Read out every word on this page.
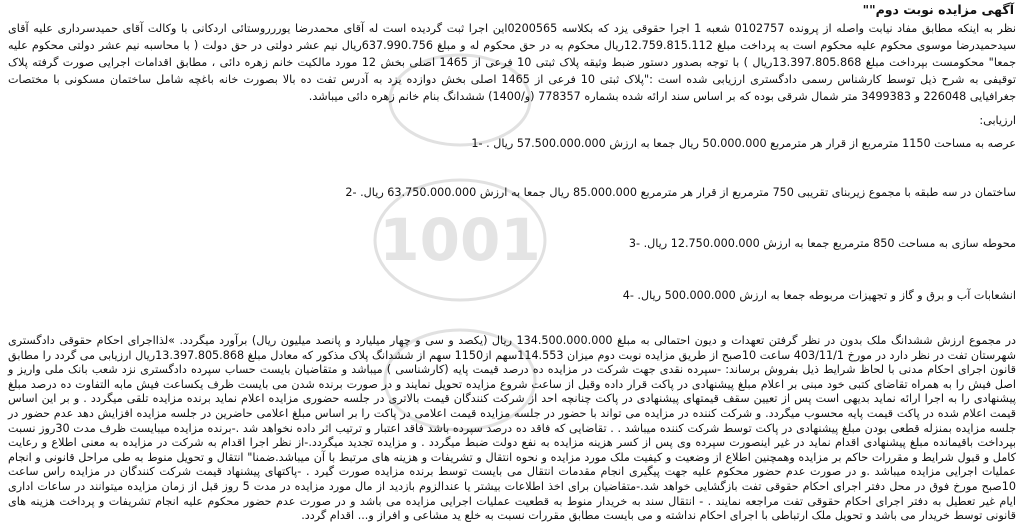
1001
آگهی مزایده نوبت دوم""

نظر به اینکه مطابق مفاد نیابت واصله از پرونده 0102757 شعبه 1 اجرا حقوقی یزد که بکلاسه 0200565این اجرا ثبت گردیده است له آقای محمدرضا یوررروستائی اردکانی با وکالت آقای حمیدسرداری علیه آقای سیدحمیدرضا موسوی محکوم علیه محکوم است به پرداخت مبلغ 12.759.815.112ریال محکوم به در حق محکوم له و مبلغ 637.990.756ریال نیم عشر دولتی در حق دولت ( با محاسبه نیم عشر دولتی محکوم علیه جمعا" محکومست بپرداخت مبلغ 13.397.805.868ریال ) با توجه بصدور دستور ضبط وثیقه پلاک ثبتی 10 فرعی از 1465 اصلی بخش 12 مورد مالکیت خانم زهره دائی ، مطابق اقدامات اجرایی صورت گرفته پلاک توقیفی به شرح ذیل توسط کارشناس رسمی دادگستری ارزیابی شده است :"پلاک ثبتی 10 فرعی از 1465 اصلی بخش دوازده یزد به آدرس تفت ده بالا بصورت خانه باغچه شامل ساختمان مسکونی با مختصات جغرافیایی 226048 و 3499383 متر شمال شرقی بوده که بر اساس سند ارائه شده بشماره 778357 (و/1400) ششدانگ بنام خانم زهره دائی میباشد.

ارزیابی:

عرصه به مساحت 1150 مترمربع از قرار هر مترمربع 50.000.000 ریال جمعا به ارزش 57.500.000.000 ریال . -1

ساختمان در سه طبقه با مجموع زیربنای تقریبی 750 مترمربع از قرار هر مترمربع 85.000.000 ریال جمعا به ارزش 63.750.000.000 ریال. -2

محوطه سازی به مساحت 850 مترمربع جمعا به ارزش 12.750.000.000 ریال. -3

انشعابات آب و برق و گاز و تجهیزات مربوطه جمعا به ارزش 500.000.000 ریال. -4

در مجموع ارزش ششدانگ ملک بدون در نظر گرفتن تعهدات و دیون احتمالی به مبلغ 134.500.000.000 ریال (یکصد و سی و چهار میلیارد و پانصد میلیون ریال) برآورد میگردد. »لذااجرای احکام حقوقی دادگستری شهرستان تفت در نظر دارد در مورخ 403/11/1 ساعت 10صبح از طریق مزایده نوبت دوم میزان 114.553سهم از1150 سهم از ششدانگ پلاک مذکور که معادل مبلغ 13.397.805.868ریال ارزیابی می گردد را مطابق قانون اجرای احکام مدنی با لحاظ شرایط ذیل بفروش برساند: -سپرده نقدی جهت شرکت در مزایده ده درصد قیمت پایه (کارشناسی ) میباشد و متقاضیان بایست حساب سپرده دادگستری نزد شعب بانک ملی واریز و اصل فیش را به همراه تقاضای کتبی خود مبنی بر اعلام مبلغ پیشنهادی در پاکت قرار داده وقبل از ساعت شروع مزایده تحویل نمایند و در صورت برنده شدن می بایست ظرف یکساعت فیش مابه التفاوت ده درصد مبلغ پیشنهادی را به اجرا ارائه نماید بدیهی است پس از تعیین سقف قیمتهای پیشنهادی در پاکت چنانچه احد از شرکت کنندگان قیمت بالاتری در جلسه حضوری مزایده اعلام نماید برنده مزایده تلقی میگردد . و بر این اساس قیمت اعلام شده در پاکت قیمت پایه محسوب میگردد. و شرکت کننده در مزایده می تواند با حضور در جلسه مزایده قیمت اعلامی در پاکت را بر اساس مبلغ اعلامی حاضرین در جلسه مزایده افزایش دهد عدم حضور در جلسه مزایده بمنزله قطعی بودن مبلغ پیشنهادی در پاکت توسط شرکت کننده میباشد . . تقاضایی که فاقد ده درصد سپرده باشد فاقد اعتبار و ترتیب اثر داده نخواهد شد .-برنده مزایده میبایست ظرف مدت 30روز نسبت بپرداخت باقیمانده مبلغ پیشنهادی اقدام نماید در غیر اینصورت سپرده وی پس از کسر هزینه مزایده به نفع دولت ضبط میگردد . و مزایده تجدید میگردد.-از نظر اجرا اقدام به شرکت در مزایده به معنی اطلاع و رعایت کامل و قبول شرایط و مقررات حاکم بر مزایده وهمچنین اطلاع از وضعیت و کیفیت ملک مورد مزایده و نحوه انتقال و تشریفات و هزینه های مرتبط با آن میباشد.ضمنا" انتقال و تحویل منوط به طی مراحل قانونی و انجام عملیات اجرایی مزایده میباشد .و در صورت عدم حضور محکوم علیه جهت پیگیری انجام مقدمات انتقال می بایست توسط برنده مزایده صورت گیرد . -پاکتهای پیشنهاد قیمت شرکت کنندگان در مزایده راس ساعت 10صبح مورخ فوق در محل دفتر اجرای احکام حقوقی تفت بازگشایی خواهد شد.-متقاضیان برای اخذ اطلاعات بیشتر یا عندالزوم بازدید از مال مورد مزایده در مدت 5 روز قبل از زمان مزایده میتوانند در ساعات اداری ایام غیر تعطیل به دفتر اجرای احکام حقوقی تفت مراجعه نمایند . - انتقال سند به خریدار منوط به قطعیت عملیات اجرایی مزایده می باشد و در صورت عدم حضور محکوم علیه انجام تشریفات و پرداخت هزینه های قانونی توسط خریدار می باشد و تحویل ملک ارتباطی با اجرای احکام نداشته و می بایست مطابق مقررات نسبت به خلع ید مشاعی و افراز و... اقدام گردد.
